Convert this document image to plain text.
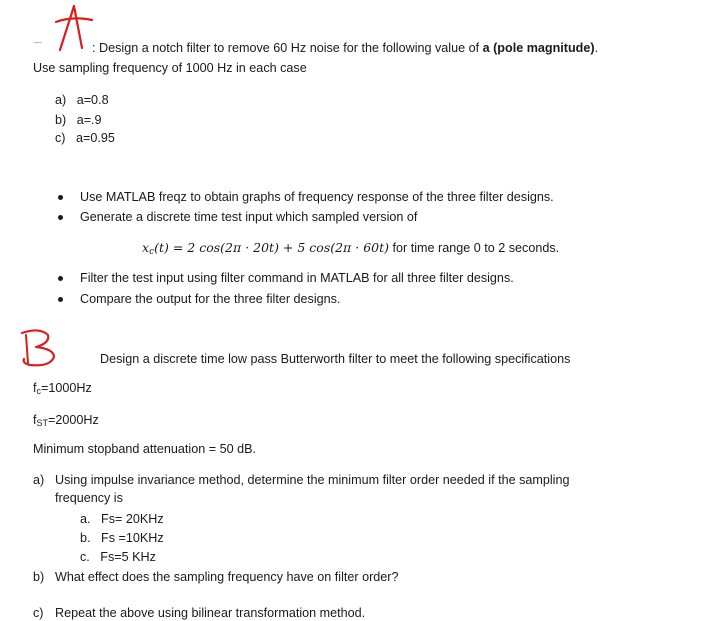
: Design a notch filter to remove 60 Hz noise for the following value of a (pole magnitude).
Use sampling frequency of 1000 Hz in each case
a) a=0.8
b) a=.9
c) a=0.95
Use MATLAB freqz to obtain graphs of frequency response of the three filter designs.
Generate a discrete time test input which sampled version of
$x_c(t) = 2$ cos(2π · 20t) + 5 cos(2π · 60t) for time range 0 to 2 seconds.
Filter the test input using filter command in MATLAB for all three filter designs.
Compare the output for the three filter designs.
Design a discrete time low pass Butterworth filter to meet the following specifications
$f_c=1000Hz$
$f_{ST}=2000Hz$
Minimum stopband attenuation = 50 dB.
a) Using impulse invariance method, determine the minimum filter order needed if the sampling
frequency is
a. Fs= 20KHz
b. Fs =10KHz
c. Fs=5 KHz
b) What effect does the sampling frequency have on filter order?
c) Repeat the above using bilinear transformation method.
